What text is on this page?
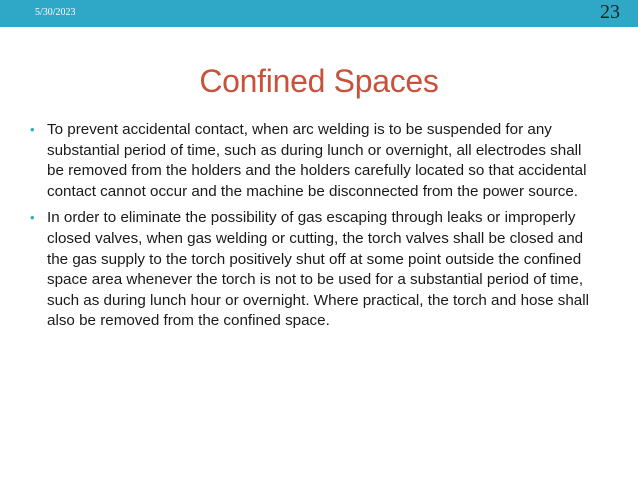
5/30/2023	23
Confined Spaces
• To prevent accidental contact, when arc welding is to be suspended for any substantial period of time, such as during lunch or overnight, all electrodes shall be removed from the holders and the holders carefully located so that accidental contact cannot occur and the machine be disconnected from the power source.
• In order to eliminate the possibility of gas escaping through leaks or improperly closed valves, when gas welding or cutting, the torch valves shall be closed and the gas supply to the torch positively shut off at some point outside the confined space area whenever the torch is not to be used for a substantial period of time, such as during lunch hour or overnight. Where practical, the torch and hose shall also be removed from the confined space.
